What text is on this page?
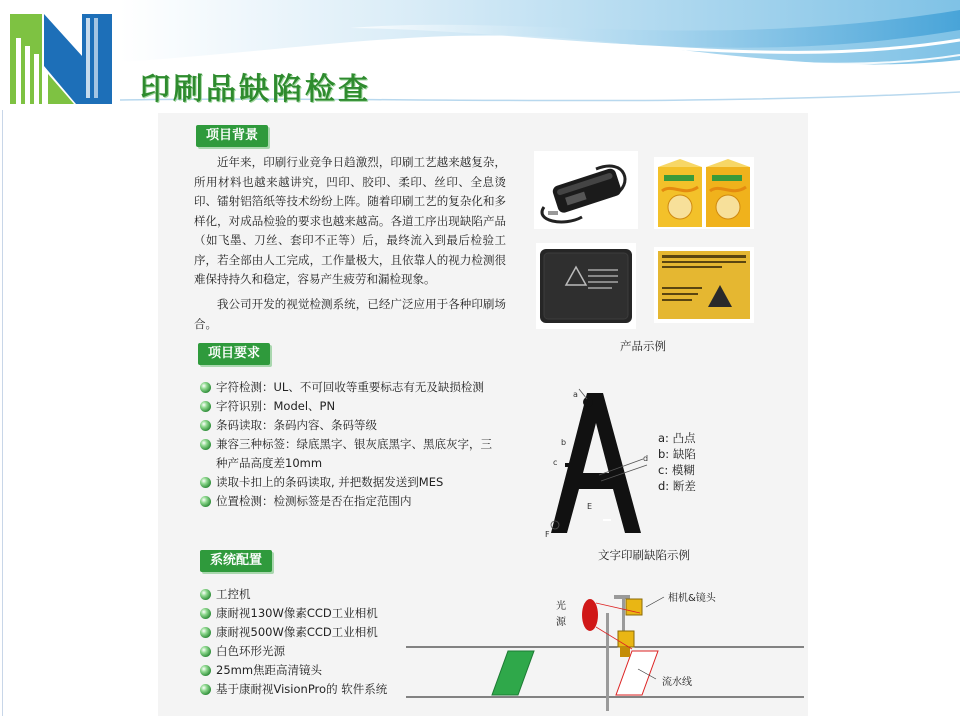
印刷品缺陷检查
项目背景

近年来，印刷行业竞争日趋激烈，印刷工艺越来越复杂，所用材料也越来越讲究，凹印、胶印、柔印、丝印、全息烫印、镭射铝箔纸等技术纷纷上阵。随着印刷工艺的复杂化和多样化，对成品检验的要求也越来越高。各道工序出现缺陷产品（如飞墨、刀丝、套印不正等）后，最终流入到最后检验工序，若全部由人工完成，工作量极大，且依靠人的视力检测很难保持持久和稳定，容易产生疲劳和漏检现象。

我公司开发的视觉检测系统，已经广泛应用于各种印刷场合。

产品示例
项目要求
字符检测：UL、不可回收等重要标志有无及缺损检测
字符识别：Model、PN
条码读取：条码内容、条码等级
兼容三种标签：绿底黑字、银灰底黑字、黑底灰字，三种产品高度差10mm
读取卡扣上的条码读取, 并把数据发送到MES
位置检测：检测标签是否在指定范围内
a
b
c	d
E
F
a: 凸点
b: 缺陷
c: 模糊
d: 断差
文字印刷缺陷示例
系统配置
工控机
康耐视130W像素CCD工业相机
康耐视500W像素CCD工业相机
白色环形光源
25mm焦距高清镜头
基于康耐视VisionPro的 软件系统
光
源
相机&镜头
流水线
